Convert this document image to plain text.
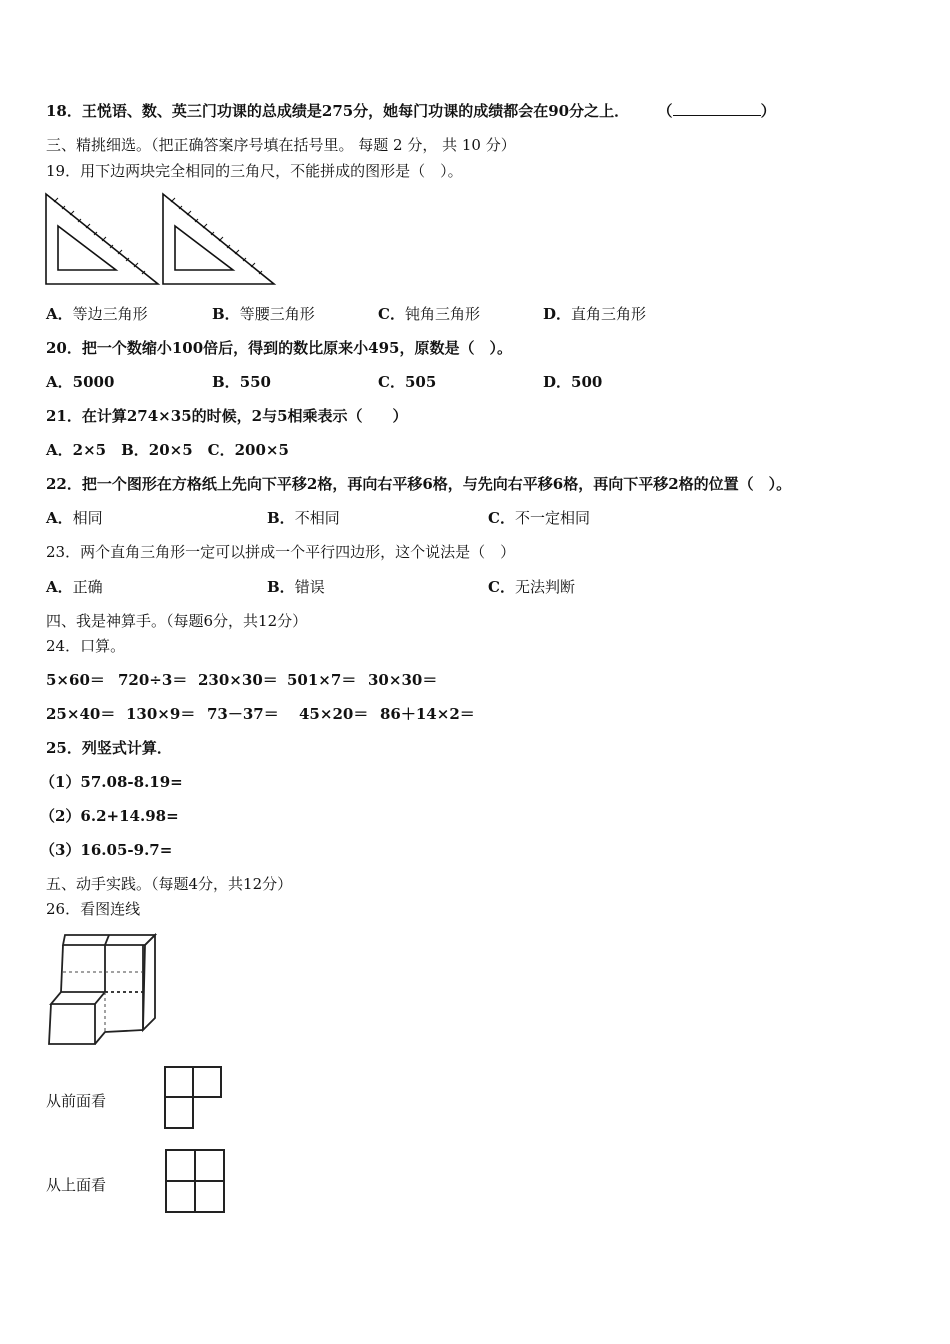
18．王悦语、数、英三门功课的总成绩是275分，她每门功课的成绩都会在90分之上． （	）
三、精挑细选。（把正确答案序号填在括号里。 每题 2 分， 共 10 分）
19．用下边两块完全相同的三角尺，不能拼成的图形是（　）。
A．等边三角形	B．等腰三角形	C．钝角三角形	D．直角三角形
20．把一个数缩小100倍后，得到的数比原来小495，原数是（　）。
A．5000	B．550	C．505	D．500
21．在计算274×35的时候，2与5相乘表示（　　）
A．2×5　B．20×5　C．200×5
22．把一个图形在方格纸上先向下平移2格，再向右平移6格，与先向右平移6格，再向下平移2格的位置（　）。
A．相同	B．不相同	C．不一定相同
23．两个直角三角形一定可以拼成一个平行四边形，这个说法是（　）
A．正确	B．错误	C．无法判断
四、我是神算手。（每题6分，共12分）
24．口算。
5×60＝ 720÷3＝ 230×30＝ 501×7＝ 30×30＝
25×40＝ 130×9＝ 73－37＝ 45×20＝ 86＋14×2＝
25．列竖式计算．
（1）57.08-8.19=
（2）6.2+14.98=
（3）16.05-9.7=
五、动手实践。（每题4分，共12分）
26．看图连线
从前面看
从上面看
